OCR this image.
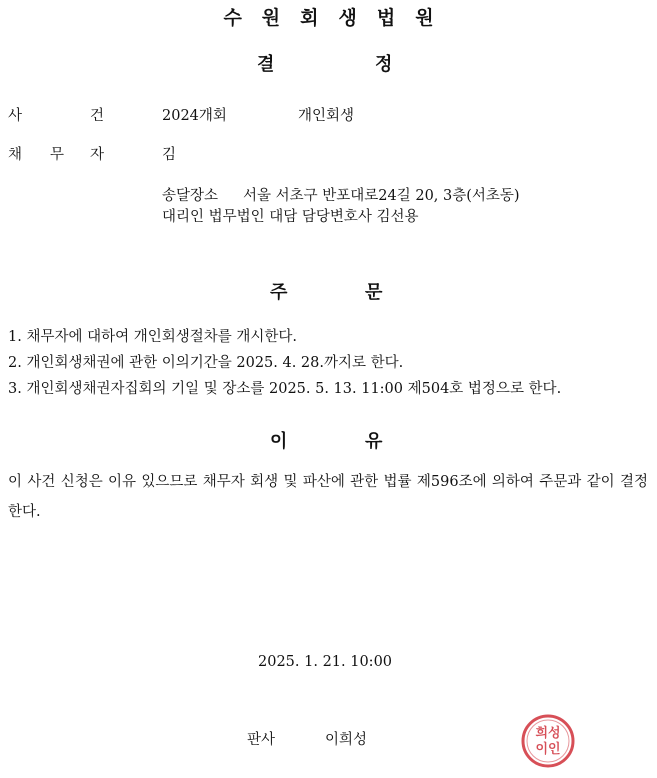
수원회생법원
결	정
사	건	2024개회	개인회생
채 무 자	김
송달장소 서울 서초구 반포대로24길 20, 3층(서초동)
대리인 법무법인 대담 담당변호사 김선용
주	문
1. 채무자에 대하여 개인회생절차를 개시한다.
2. 개인회생채권에 관한 이의기간을 2025. 4. 28.까지로 한다.
3. 개인회생채권자집회의 기일 및 장소를 2025. 5. 13. 11:00 제504호 법정으로 한다.
이	유
이 사건 신청은 이유 있으므로 채무자 회생 및 파산에 관한 법률 제596조에 의하여 주문과 같이 결정한다.
2025. 1. 21. 10:00
판사	이희성	희성
이인
